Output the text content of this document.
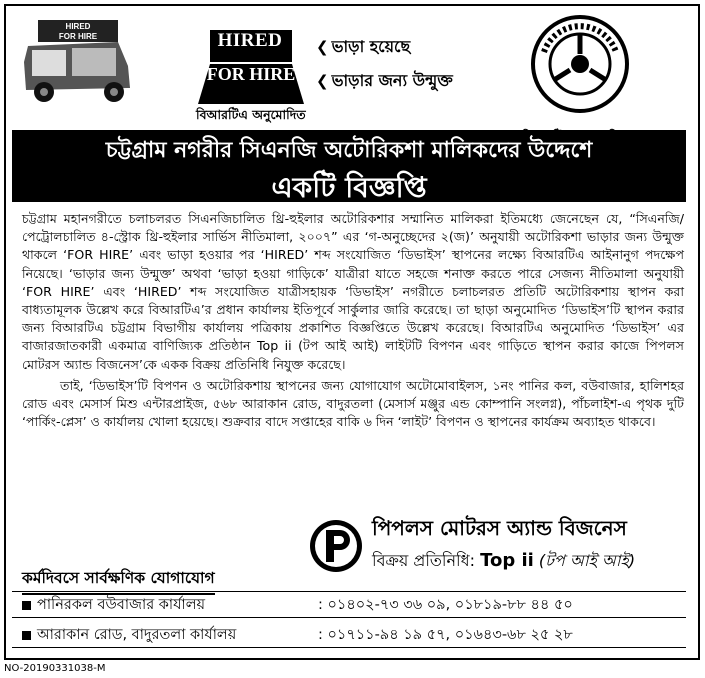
HIRED
FOR HIRE	HIRED
FOR HIRE
বিআরটিএ অনুমোদিত
❮ ভাড়া হয়েছে
❮ ভাড়ার জন্য উন্মুক্ত
চট্টগ্রাম নগরীর সিএনজি অটোরিকশা মালিকদের উদ্দেশে
একটি বিজ্ঞপ্তি

চট্টগ্রাম মহানগরীতে চলাচলরত সিএনজিচালিত থ্রি-হুইলার অটোরিকশার সম্মানিত মালিকরা ইতিমধ্যে জেনেছেন যে, “সিএনজি/পেট্রোলচালিত ৪-স্ট্রোক থ্রি-হুইলার সার্ভিস নীতিমালা, ২০০৭” এর ‘গ-অনুচ্ছেদের ২(জ)’ অনুযায়ী অটোরিকশা ভাড়ার জন্য উন্মুক্ত থাকলে ‘FOR HIRE’ এবং ভাড়া হওয়ার পর ‘HIRED’ শব্দ সংযোজিত ‘ডিভাইস’ স্থাপনের লক্ষ্যে বিআরটিএ আইনানুগ পদক্ষেপ নিয়েছে। ‘ভাড়ার জন্য উন্মুক্ত’ অথবা ‘ভাড়া হওয়া গাড়িকে’ যাত্রীরা যাতে সহজে শনাক্ত করতে পারে সেজন্য নীতিমালা অনুযায়ী ‘FOR HIRE’ এবং ‘HIRED’ শব্দ সংযোজিত যাত্রীসহায়ক ‘ডিভাইস’ নগরীতে চলাচলরত প্রতিটি অটোরিকশায় স্থাপন করা বাধ্যতামূলক উল্লেখ করে বিআরটিএ’র প্রধান কার্যালয় ইতিপূর্বে সার্কুলার জারি করেছে। তা ছাড়া অনুমোদিত ‘ডিভাইস’টি স্থাপন করার জন্য বিআরটিএ চট্টগ্রাম বিভাগীয় কার্যালয় পত্রিকায় প্রকাশিত বিজ্ঞপ্তিতে উল্লেখ করেছে। বিআরটিএ অনুমোদিত ‘ডিভাইস’ এর বাজারজাতকারী একমাত্র বাণিজ্যিক প্রতিষ্ঠান Top ii (টপ আই আই) লাইটটি বিপণন এবং গাড়িতে স্থাপন করার কাজে পিপলস মোটরস অ্যান্ড বিজনেস’কে একক বিক্রয় প্রতিনিধি নিযুক্ত করেছে।

তাই, ‘ডিভাইস’টি বিপণন ও অটোরিকশায় স্থাপনের জন্য যোগাযোগ অটোমোবাইলস, ১নং পানির কল, বউবাজার, হালিশহর রোড এবং মেসার্স মিশু এন্টারপ্রাইজ, ৫৬৮ আরাকান রোড, বাদুরতলা (মেসার্স মঞ্জুর এন্ড কোম্পানি সংলগ্ন), পাঁচলাইশ-এ পৃথক দুটি ‘পার্কিং-প্লেস’ ও কার্যালয় খোলা হয়েছে। শুক্রবার বাদে সপ্তাহের বাকি ৬ দিন ‘লাইট’ বিপণন ও স্থাপনের কার্যক্রম অব্যাহত থাকবে।

পিপলস মোটরস অ্যান্ড বিজনেস
বিক্রয় প্রতিনিধি: Top ii (টপ আই আই)
কর্মদিবসে সার্বক্ষণিক যোগাযোগ
পানিরকল বউবাজার কার্যালয়	: ০১৪০২-৭৩ ৩৬ ০৯, ০১৮১৯-৮৮ ৪৪ ৫০
আরাকান রোড, বাদুরতলা কার্যালয়	: ০১৭১১-৯৪ ১৯ ৫৭, ০১৬৪৩-৬৮ ২৫ ২৮
NO-20190331038-M
